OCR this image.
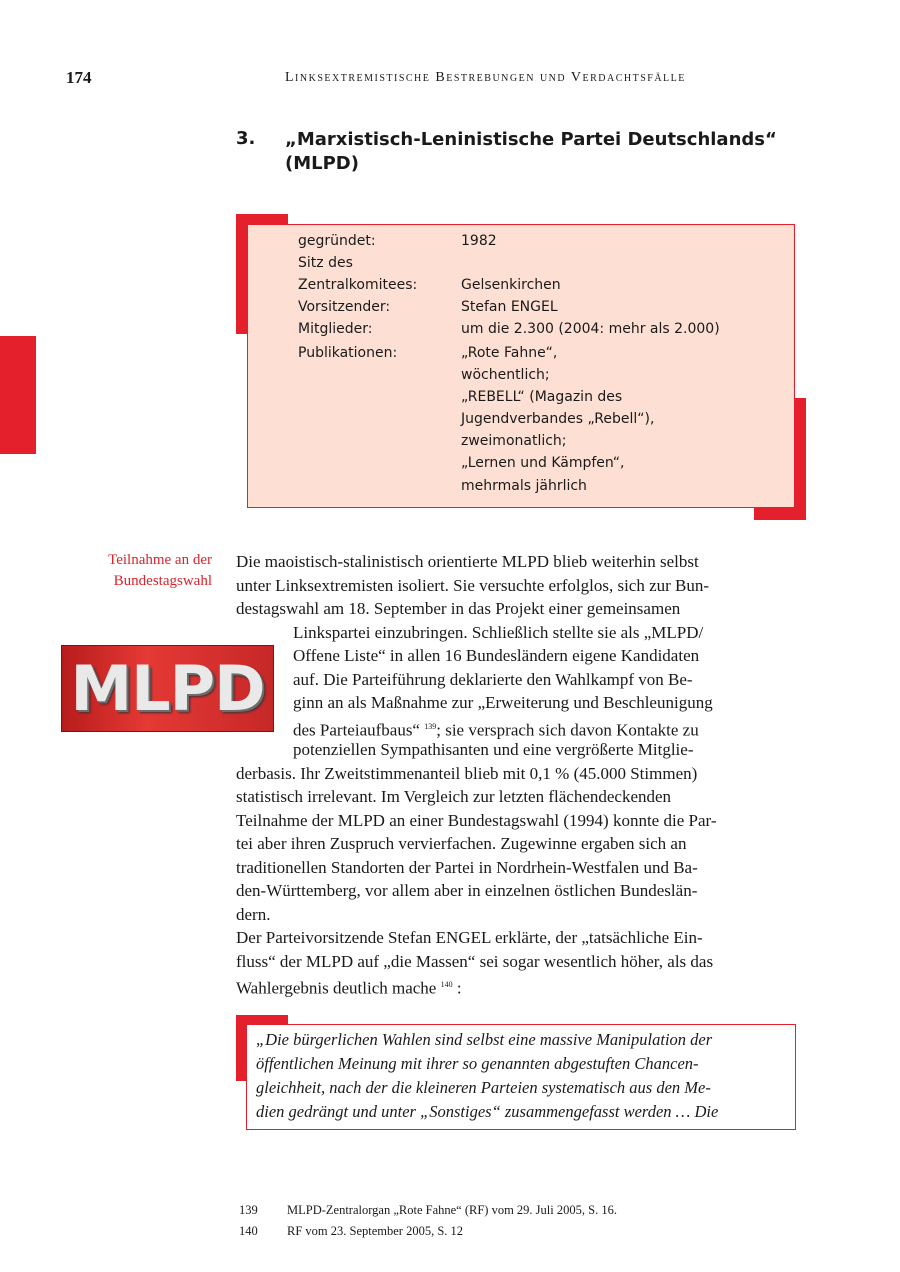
174	Linksextremistische Bestrebungen und Verdachtsfälle
3. „Marxistisch-Leninistische Partei Deutschlands“ (MLPD)
gegründet:	1982
Sitz des
Zentralkomitees:	Gelsenkirchen
Vorsitzender:	Stefan ENGEL
Mitglieder:	um die 2.300 (2004: mehr als 2.000)
Publikationen:	„Rote Fahne“,
wöchentlich;
„REBELL“ (Magazin des
Jugendverbandes „Rebell“),
zweimonatlich;
„Lernen und Kämpfen“,
mehrmals jährlich
Teilnahme an der
Bundestagswahl
MLPD
Die maoistisch-stalinistisch orientierte MLPD blieb weiterhin selbst
unter Linksextremisten isoliert. Sie versuchte erfolglos, sich zur Bun-
destagswahl am 18. September in das Projekt einer gemeinsamen
Linkspartei einzubringen. Schließlich stellte sie als „MLPD/
Offene Liste“ in allen 16 Bundesländern eigene Kandidaten
auf. Die Parteiführung deklarierte den Wahlkampf von Be-
ginn an als Maßnahme zur „Erweiterung und Beschleunigung
des Parteiaufbaus“ $^{139}$; sie versprach sich davon Kontakte zu
potenziellen Sympathisanten und eine vergrößerte Mitglie-
derbasis. Ihr Zweitstimmenanteil blieb mit 0,1 % (45.000 Stimmen)
statistisch irrelevant. Im Vergleich zur letzten flächendeckenden
Teilnahme der MLPD an einer Bundestagswahl (1994) konnte die Par-
tei aber ihren Zuspruch vervierfachen. Zugewinne ergaben sich an
traditionellen Standorten der Partei in Nordrhein-Westfalen und Ba-
den-Württemberg, vor allem aber in einzelnen östlichen Bundeslän-
dern.
Der Parteivorsitzende Stefan ENGEL erklärte, der „tatsächliche Ein-
fluss“ der MLPD auf „die Massen“ sei sogar wesentlich höher, als das
Wahlergebnis deutlich mache $^{140}$ :
„Die bürgerlichen Wahlen sind selbst eine massive Manipulation der
öffentlichen Meinung mit ihrer so genannten abgestuften Chancen-
gleichheit, nach der die kleineren Parteien systematisch aus den Me-
dien gedrängt und unter „Sonstiges“ zusammengefasst werden … Die
139 MLPD-Zentralorgan „Rote Fahne“ (RF) vom 29. Juli 2005, S. 16.
140 RF vom 23. September 2005, S. 12
